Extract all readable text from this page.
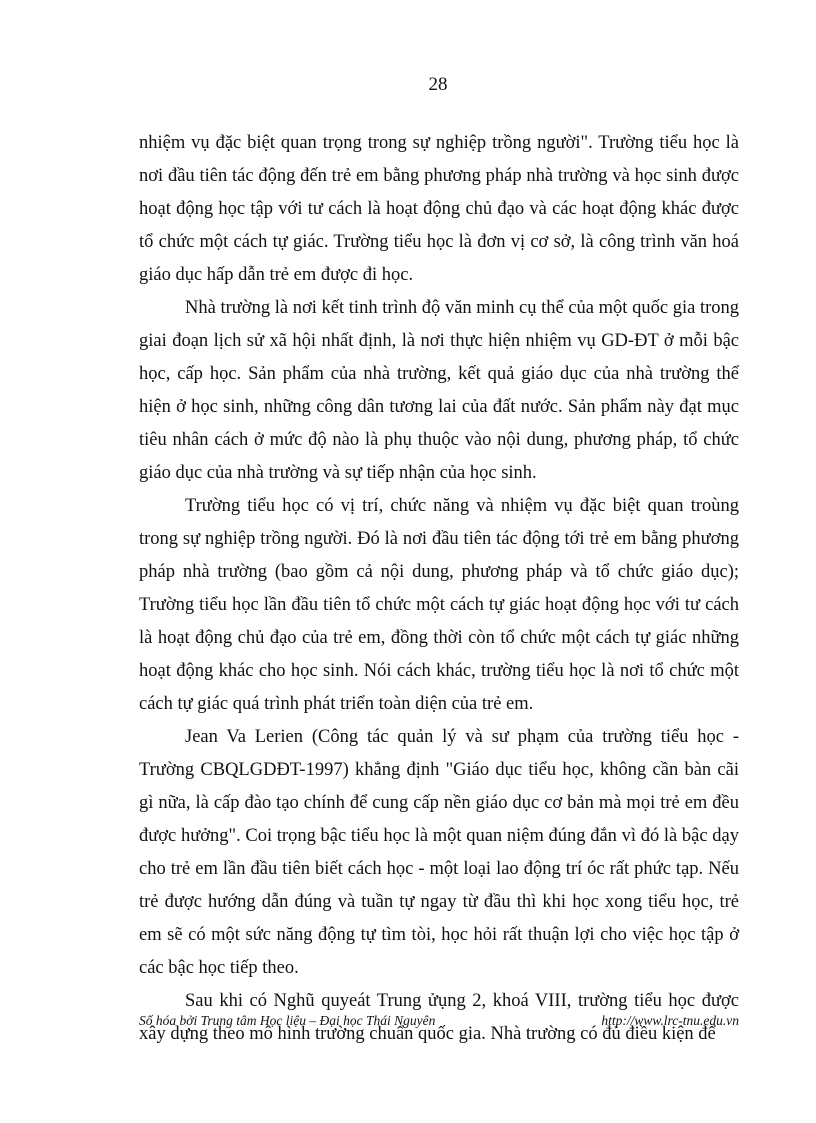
28

nhiệm vụ đặc biệt quan trọng trong sự nghiệp trồng người". Trường tiểu học là nơi đầu tiên tác động đến trẻ em bằng phương pháp nhà trường và học sinh được hoạt động học tập với tư cách là hoạt động chủ đạo và các hoạt động khác được tổ chức một cách tự giác. Trường tiểu học là đơn vị cơ sở, là công trình văn hoá giáo dục hấp dẫn trẻ em được đi học.

Nhà trường là nơi kết tinh trình độ văn minh cụ thể của một quốc gia trong giai đoạn lịch sử xã hội nhất định, là nơi thực hiện nhiệm vụ GD-ĐT ở mỗi bậc học, cấp học. Sản phẩm của nhà trường, kết quả giáo dục của nhà trường thể hiện ở học sinh, những công dân tương lai của đất nước. Sản phẩm này đạt mục tiêu nhân cách ở mức độ nào là phụ thuộc vào nội dung, phương pháp, tổ chức giáo dục của nhà trường và sự tiếp nhận của học sinh.

Trường tiểu học có vị trí, chức năng và nhiệm vụ đặc biệt quan troùng trong sự nghiệp trồng người. Đó là nơi đầu tiên tác động tới trẻ em bằng phương pháp nhà trường (bao gồm cả nội dung, phương pháp và tổ chức giáo dục); Trường tiểu học lần đầu tiên tổ chức một cách tự giác hoạt động học với tư cách là hoạt động chủ đạo của trẻ em, đồng thời còn tổ chức một cách tự giác những hoạt động khác cho học sinh. Nói cách khác, trường tiểu học là nơi tổ chức một cách tự giác quá trình phát triển toàn diện của trẻ em.

Jean Va Lerien (Công tác quản lý và sư phạm của trường tiểu học - Trường CBQLGDĐT-1997) khẳng định "Giáo dục tiểu học, không cần bàn cãi gì nữa, là cấp đào tạo chính để cung cấp nền giáo dục cơ bản mà mọi trẻ em đều được hưởng". Coi trọng bậc tiểu học là một quan niệm đúng đắn vì đó là bậc dạy cho trẻ em lần đầu tiên biết cách học - một loại lao động trí óc rất phức tạp. Nếu trẻ được hướng dẫn đúng và tuần tự ngay từ đầu thì khi học xong tiểu học, trẻ em sẽ có một sức năng động tự tìm tòi, học hỏi rất thuận lợi cho việc học tập ở các bậc học tiếp theo.

Sau khi có Nghũ quyeát Trung ửụng 2, khoá VIII, trường tiểu học được xây dựng theo mô hình trường chuẩn quốc gia. Nhà trường có đủ điều kiện để

Số hóa bởi Trung tâm Học liệu – Đại học Thái Nguyên	http://www.lrc-tnu.edu.vn
